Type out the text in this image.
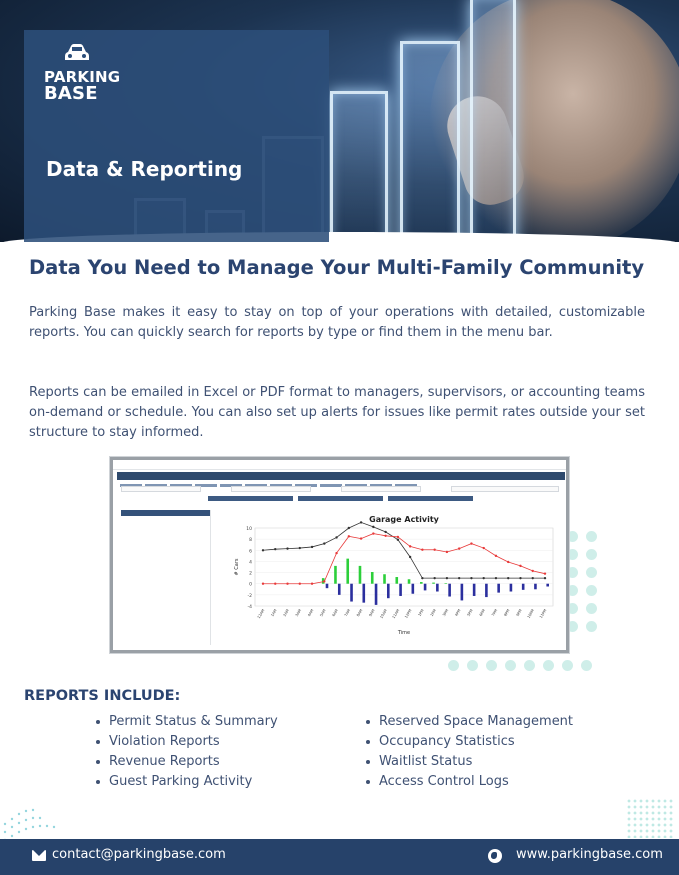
PARKING
BASE
Data & Reporting
Data You Need to Manage Your Multi-Family Community

Parking Base makes it easy to stay on top of your operations with detailed, customizable reports. You can quickly search for reports by type or find them in the menu bar.

Reports can be emailed in Excel or PDF format to managers, supervisors, or accounting teams on-demand or schedule. You can also set up alerts for issues like permit rates outside your set structure to stay informed.

Garage Activity
-4
-2
0
2
4
6
8
10
# Cars
12AM 1AM 2AM 3AM 4AM 5AM 6AM 7AM 8AM 9AM 10AM 11AM 12PM 1PM 2PM 3PM 4PM 5PM 6PM 7PM 8PM 9PM 10PM 11PM
Time
REPORTS INCLUDE:
Permit Status & Summary
Violation Reports
Revenue Reports
Guest Parking Activity
Reserved Space Management
Occupancy Statistics
Waitlist Status
Access Control Logs
contact@parkingbase.com	www.parkingbase.com
